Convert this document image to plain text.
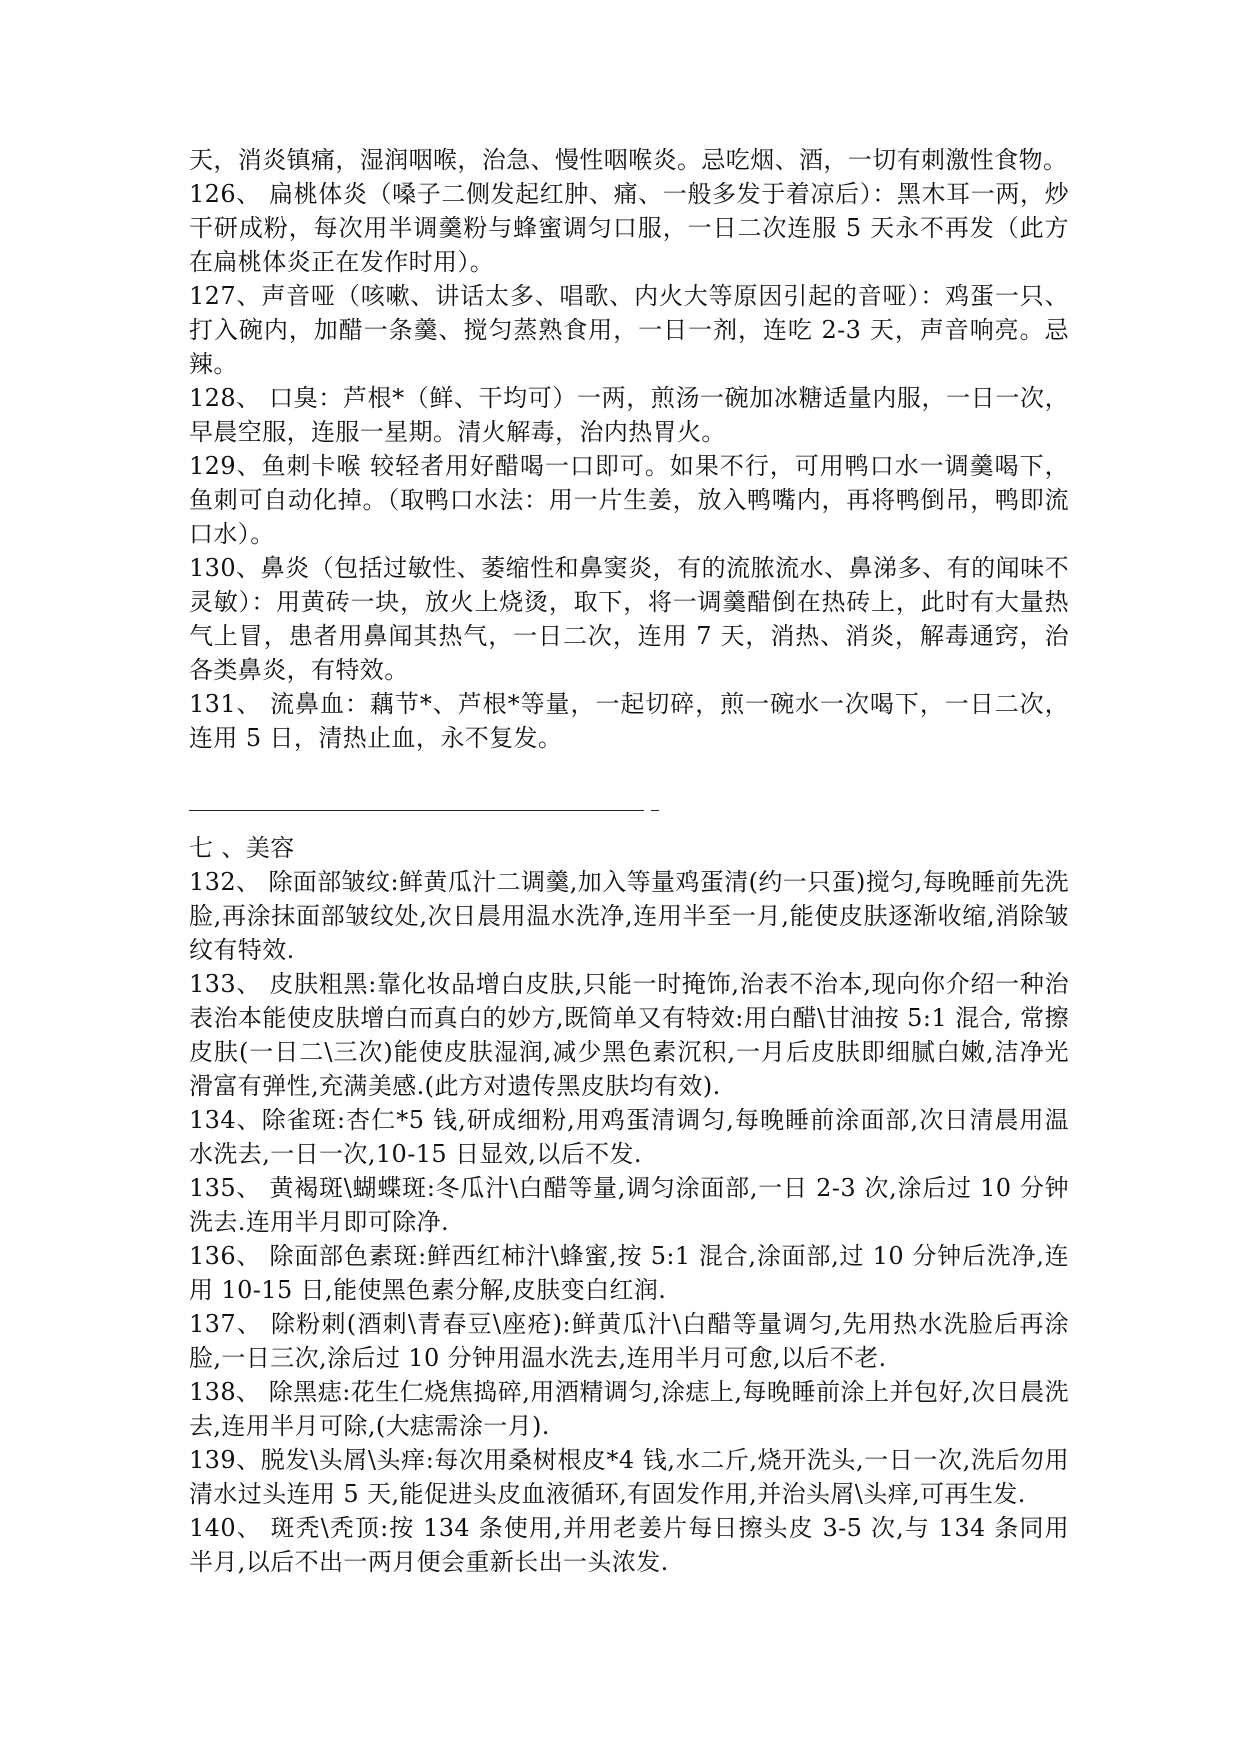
天，消炎镇痛，湿润咽喉，治急、慢性咽喉炎。忌吃烟、酒，一切有刺激性食物。

126、 扁桃体炎（嗓子二侧发起红肿、痛、一般多发于着凉后）：黑木耳一两，炒干研成粉，每次用半调羹粉与蜂蜜调匀口服，一日二次连服 5 天永不再发（此方在扁桃体炎正在发作时用）。

127、声音哑（咳嗽、讲话太多、唱歌、内火大等原因引起的音哑）：鸡蛋一只、打入碗内，加醋一条羹、搅匀蒸熟食用，一日一剂，连吃 2-3 天，声音响亮。忌辣。

128、 口臭：芦根*（鲜、干均可）一两，煎汤一碗加冰糖适量内服，一日一次，早晨空服，连服一星期。清火解毒，治内热胃火。

129、鱼刺卡喉 较轻者用好醋喝一口即可。如果不行，可用鸭口水一调羹喝下，鱼刺可自动化掉。（取鸭口水法：用一片生姜，放入鸭嘴内，再将鸭倒吊，鸭即流口水）。

130、鼻炎（包括过敏性、萎缩性和鼻窦炎，有的流脓流水、鼻涕多、有的闻味不灵敏）：用黄砖一块，放火上烧烫，取下，将一调羹醋倒在热砖上，此时有大量热气上冒，患者用鼻闻其热气，一日二次，连用 7 天，消热、消炎，解毒通窍，治各类鼻炎，有特效。

131、 流鼻血：藕节*、芦根*等量，一起切碎，煎一碗水一次喝下，一日二次，连用 5 日，清热止血，永不复发。

七 、美容

132、 除面部皱纹:鲜黄瓜汁二调羹,加入等量鸡蛋清(约一只蛋)搅匀,每晚睡前先洗脸,再涂抹面部皱纹处,次日晨用温水洗净,连用半至一月,能使皮肤逐渐收缩,消除皱纹有特效.

133、 皮肤粗黑:靠化妆品增白皮肤,只能一时掩饰,治表不治本,现向你介绍一种治表治本能使皮肤增白而真白的妙方,既简单又有特效:用白醋\甘油按 5:1 混合, 常擦皮肤(一日二\三次)能使皮肤湿润,减少黑色素沉积,一月后皮肤即细腻白嫩,洁净光滑富有弹性,充满美感.(此方对遗传黑皮肤均有效).

134、除雀斑:杏仁*5 钱,研成细粉,用鸡蛋清调匀,每晚睡前涂面部,次日清晨用温水洗去,一日一次,10-15 日显效,以后不发.

135、 黄褐斑\蝴蝶斑:冬瓜汁\白醋等量,调匀涂面部,一日 2-3 次,涂后过 10 分钟洗去.连用半月即可除净.

136、 除面部色素斑:鲜西红柿汁\蜂蜜,按 5:1 混合,涂面部,过 10 分钟后洗净,连用 10-15 日,能使黑色素分解,皮肤变白红润.

137、 除粉刺(酒刺\青春豆\座疮):鲜黄瓜汁\白醋等量调匀,先用热水洗脸后再涂脸,一日三次,涂后过 10 分钟用温水洗去,连用半月可愈,以后不老.

138、 除黑痣:花生仁烧焦捣碎,用酒精调匀,涂痣上,每晚睡前涂上并包好,次日晨洗去,连用半月可除,(大痣需涂一月).

139、脱发\头屑\头痒:每次用桑树根皮*4 钱,水二斤,烧开洗头,一日一次,洗后勿用清水过头连用 5 天,能促进头皮血液循环,有固发作用,并治头屑\头痒,可再生发.

140、 斑秃\秃顶:按 134 条使用,并用老姜片每日擦头皮 3-5 次,与 134 条同用半月,以后不出一两月便会重新长出一头浓发.
